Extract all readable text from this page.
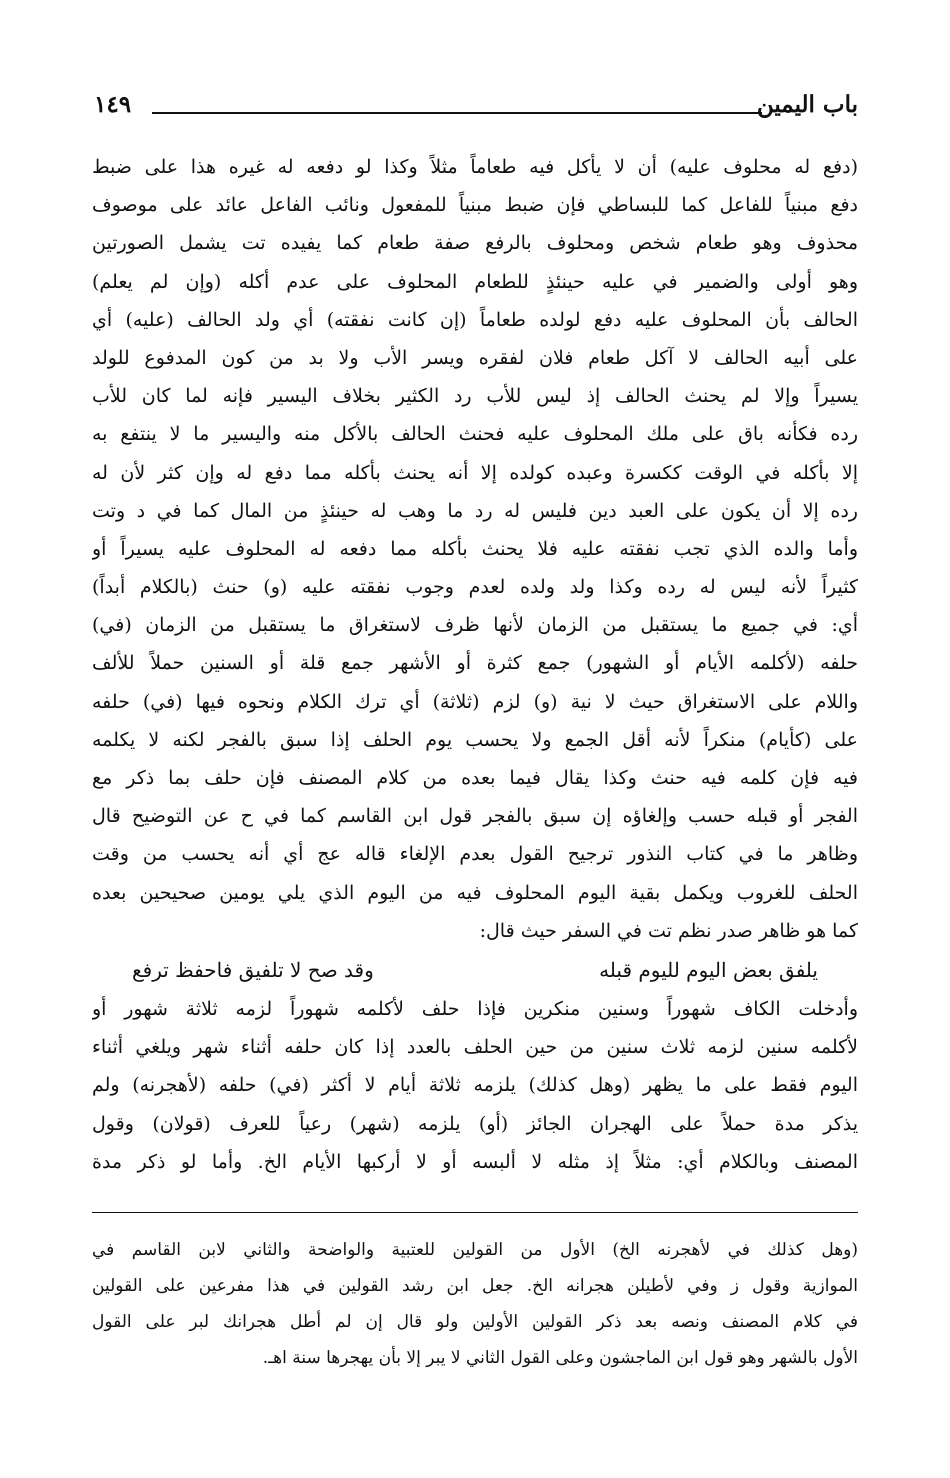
باب اليمين
١٤٩
(دفع له محلوف عليه) أن لا يأكل فيه طعاماً مثلاً وكذا لو دفعه له غيره هذا على ضبط
دفع مبنياً للفاعل كما للبساطي فإن ضبط مبنياً للمفعول ونائب الفاعل عائد على موصوف
محذوف وهو طعام شخص ومحلوف بالرفع صفة طعام كما يفيده تت يشمل الصورتين
وهو أولى والضمير في عليه حينئذٍ للطعام المحلوف على عدم أكله (وإن لم يعلم)
الحالف بأن المحلوف عليه دفع لولده طعاماً (إن كانت نفقته) أي ولد الحالف (عليه) أي
على أبيه الحالف لا آكل طعام فلان لفقره ويسر الأب ولا بد من كون المدفوع للولد
يسيراً وإلا لم يحنث الحالف إذ ليس للأب رد الكثير بخلاف اليسير فإنه لما كان للأب
رده فكأنه باق على ملك المحلوف عليه فحنث الحالف بالأكل منه واليسير ما لا ينتفع به
إلا بأكله في الوقت ككسرة وعبده كولده إلا أنه يحنث بأكله مما دفع له وإن كثر لأن له
رده إلا أن يكون على العبد دين فليس له رد ما وهب له حينئذٍ من المال كما في د وتت
وأما والده الذي تجب نفقته عليه فلا يحنث بأكله مما دفعه له المحلوف عليه يسيراً أو
كثيراً لأنه ليس له رده وكذا ولد ولده لعدم وجوب نفقته عليه (و) حنث (بالكلام أبداً)
أي: في جميع ما يستقبل من الزمان لأنها ظرف لاستغراق ما يستقبل من الزمان (في)
حلفه (لأكلمه الأيام أو الشهور) جمع كثرة أو الأشهر جمع قلة أو السنين حملاً للألف
واللام على الاستغراق حيث لا نية (و) لزم (ثلاثة) أي ترك الكلام ونحوه فيها (في) حلفه
على (كأيام) منكراً لأنه أقل الجمع ولا يحسب يوم الحلف إذا سبق بالفجر لكنه لا يكلمه
فيه فإن كلمه فيه حنث وكذا يقال فيما بعده من كلام المصنف فإن حلف بما ذكر مع
الفجر أو قبله حسب وإلغاؤه إن سبق بالفجر قول ابن القاسم كما في ح عن التوضيح قال
وظاهر ما في كتاب النذور ترجيح القول بعدم الإلغاء قاله عج أي أنه يحسب من وقت
الحلف للغروب ويكمل بقية اليوم المحلوف فيه من اليوم الذي يلي يومين صحيحين بعده
كما هو ظاهر صدر نظم تت في السفر حيث قال:
يلفق بعض اليوم لليوم قبله
وقد صح لا تلفيق فاحفظ ترفع
وأدخلت الكاف شهوراً وسنين منكرين فإذا حلف لأكلمه شهوراً لزمه ثلاثة شهور أو
لأكلمه سنين لزمه ثلاث سنين من حين الحلف بالعدد إذا كان حلفه أثناء شهر ويلغي أثناء
اليوم فقط على ما يظهر (وهل كذلك) يلزمه ثلاثة أيام لا أكثر (في) حلفه (لأهجرنه) ولم
يذكر مدة حملاً على الهجران الجائز (أو) يلزمه (شهر) رعياً للعرف (قولان) وقول
المصنف وبالكلام أي: مثلاً إذ مثله لا ألبسه أو لا أركبها الأيام الخ. وأما لو ذكر مدة
(وهل كذلك في لأهجرنه الخ) الأول من القولين للعتبية والواضحة والثاني لابن القاسم في
الموازية وقول ز وفي لأطيلن هجرانه الخ. جعل ابن رشد القولين في هذا مفرعين على القولين
في كلام المصنف ونصه بعد ذكر القولين الأولين ولو قال إن لم أطل هجرانك لبر على القول
الأول بالشهر وهو قول ابن الماجشون وعلى القول الثاني لا يبر إلا بأن يهجرها سنة اهـ.
